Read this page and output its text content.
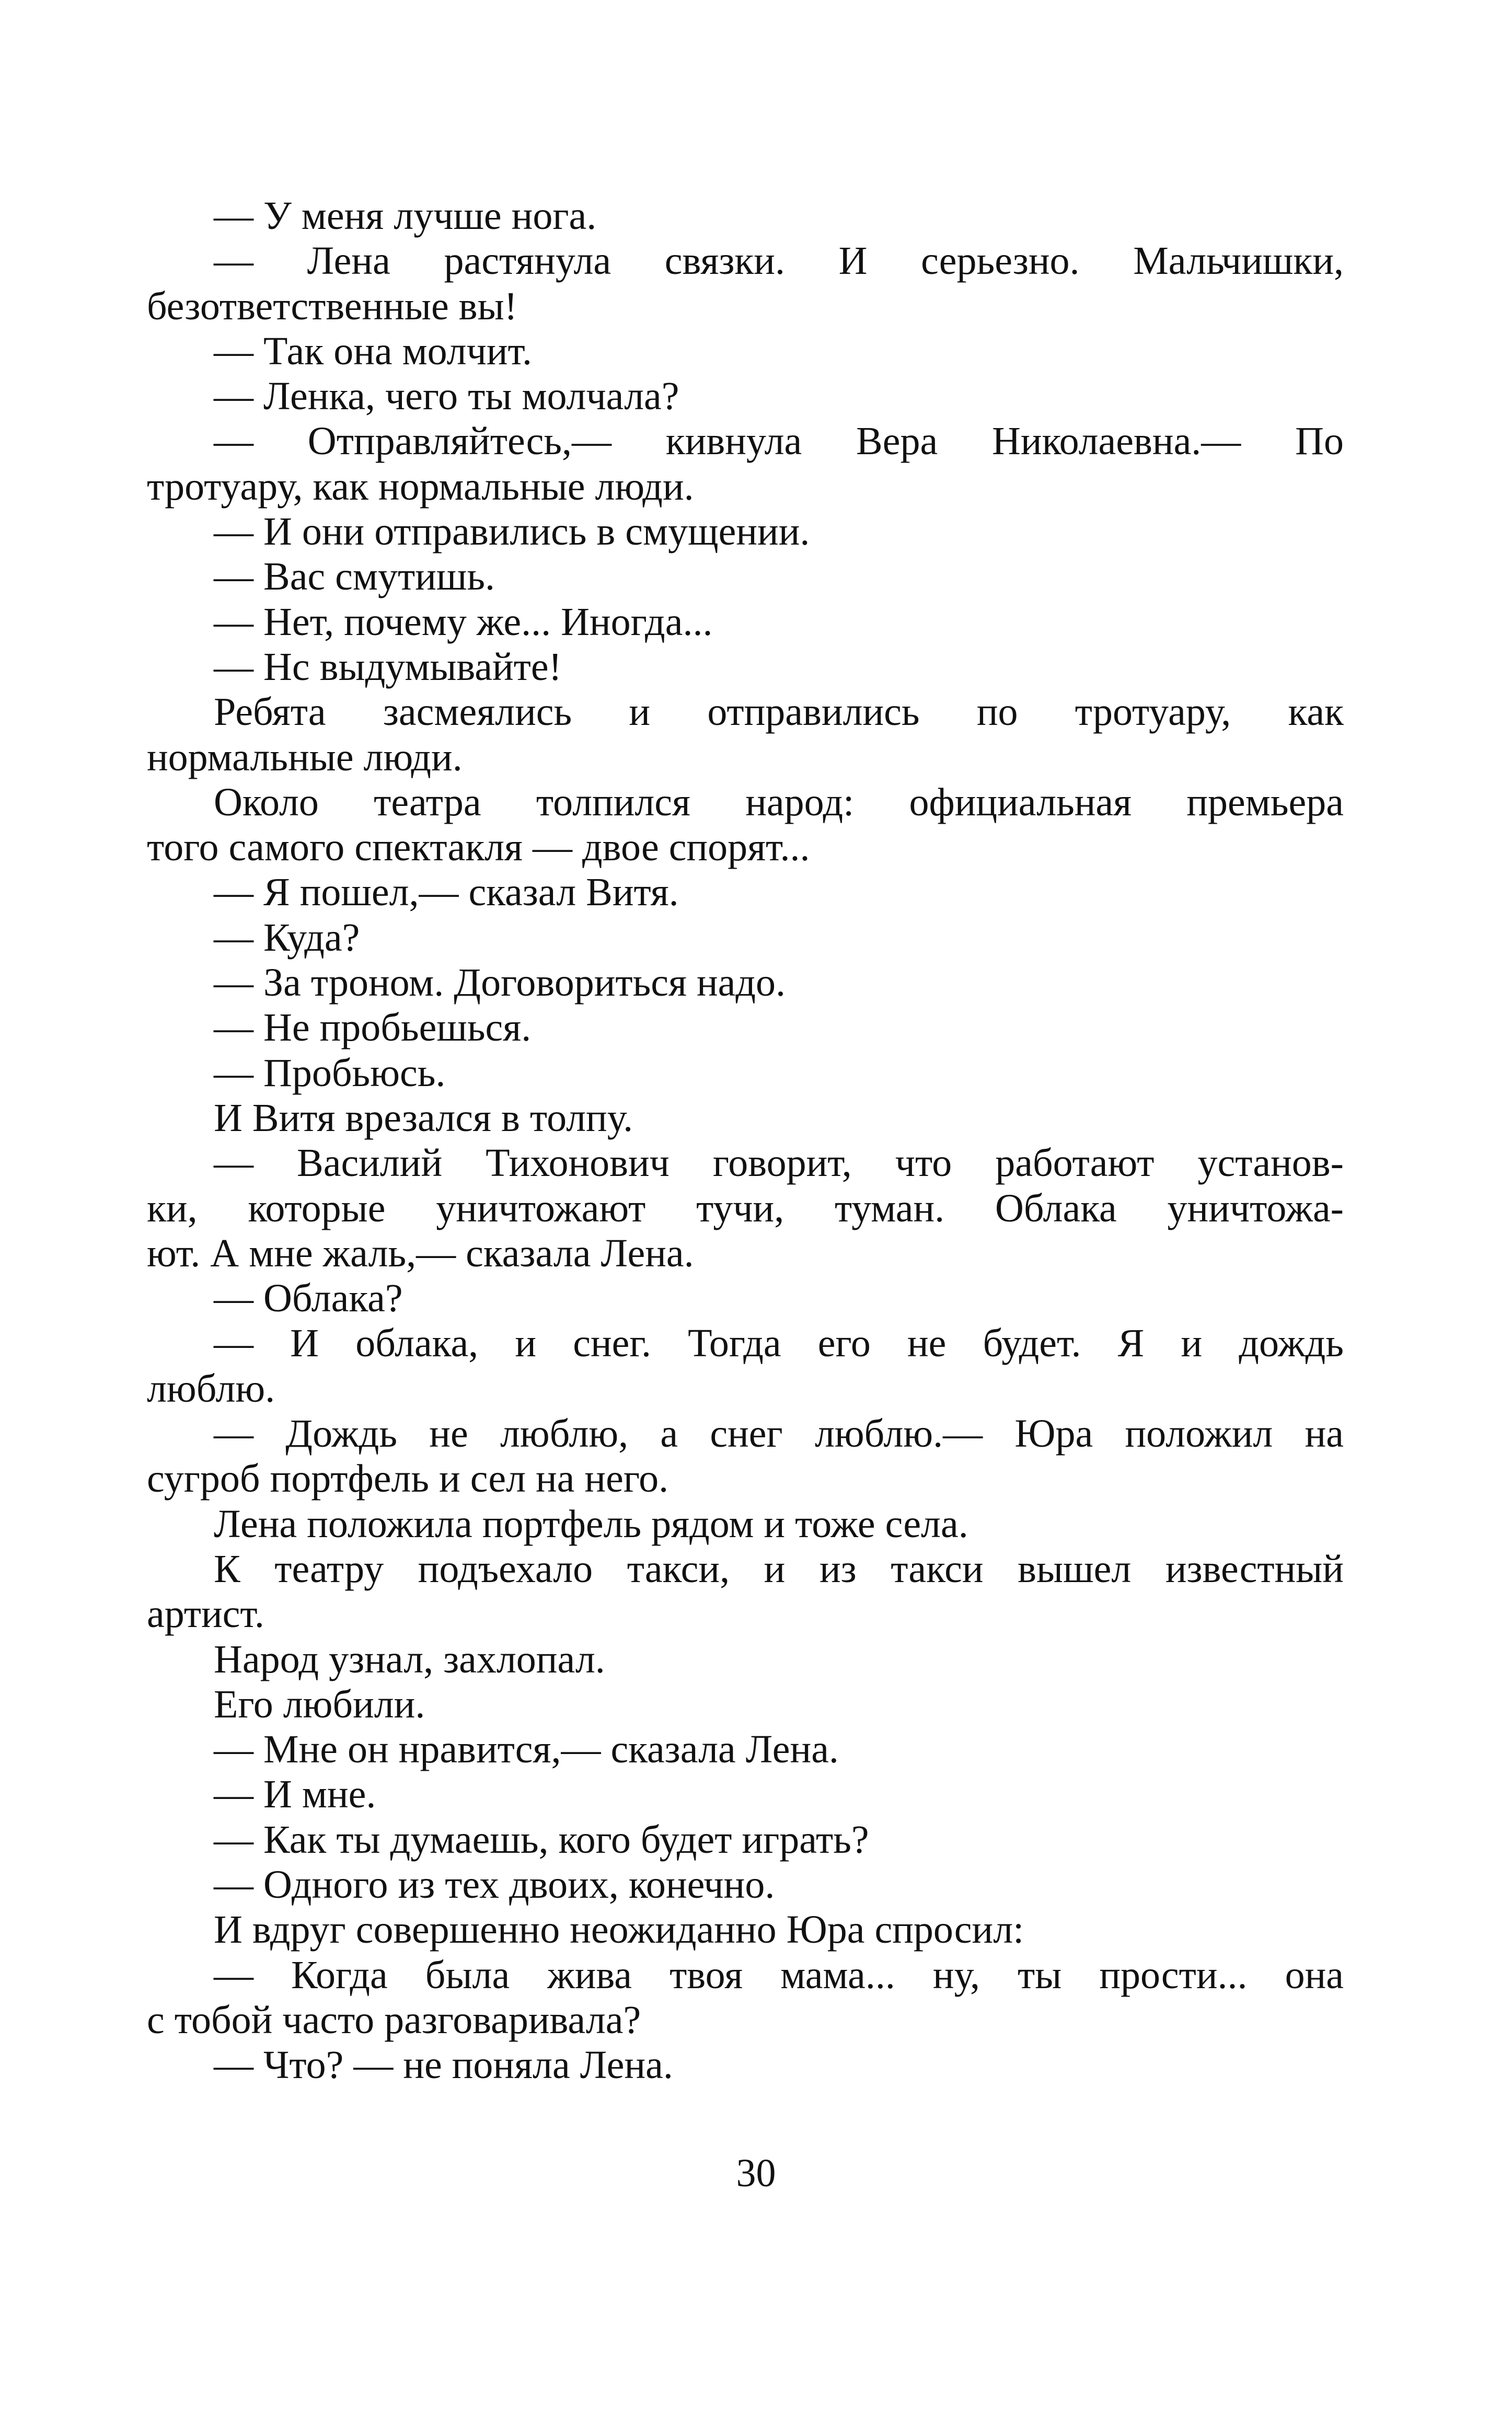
— У меня лучше нога.
— Лена растянула связки. И серьезно. Мальчишки,
безответственные вы!
— Так она молчит.
— Ленка, чего ты молчала?
— Отправляйтесь,— кивнула Вера Николаевна.— По
тротуару, как нормальные люди.
— И они отправились в смущении.
— Вас смутишь.
— Нет, почему же... Иногда...
— Нс выдумывайте!
Ребята засмеялись и отправились по тротуару, как
нормальные люди.
Около театра толпился народ: официальная премьера
того самого спектакля — двое спорят...
— Я пошел,— сказал Витя.
— Куда?
— За троном. Договориться надо.
— Не пробьешься.
— Пробьюсь.
И Витя врезался в толпу.
— Василий Тихонович говорит, что работают установ-
ки, которые уничтожают тучи, туман. Облака уничтожа-
ют. А мне жаль,— сказала Лена.
— Облака?
— И облака, и снег. Тогда его не будет. Я и дождь
люблю.
— Дождь не люблю, а снег люблю.— Юра положил на
сугроб портфель и сел на него.
Лена положила портфель рядом и тоже села.
К театру подъехало такси, и из такси вышел известный
артист.
Народ узнал, захлопал.
Его любили.
— Мне он нравится,— сказала Лена.
— И мне.
— Как ты думаешь, кого будет играть?
— Одного из тех двоих, конечно.
И вдруг совершенно неожиданно Юра спросил:
— Когда была жива твоя мама... ну, ты прости... она
с тобой часто разговаривала?
— Что? — не поняла Лена.
30
